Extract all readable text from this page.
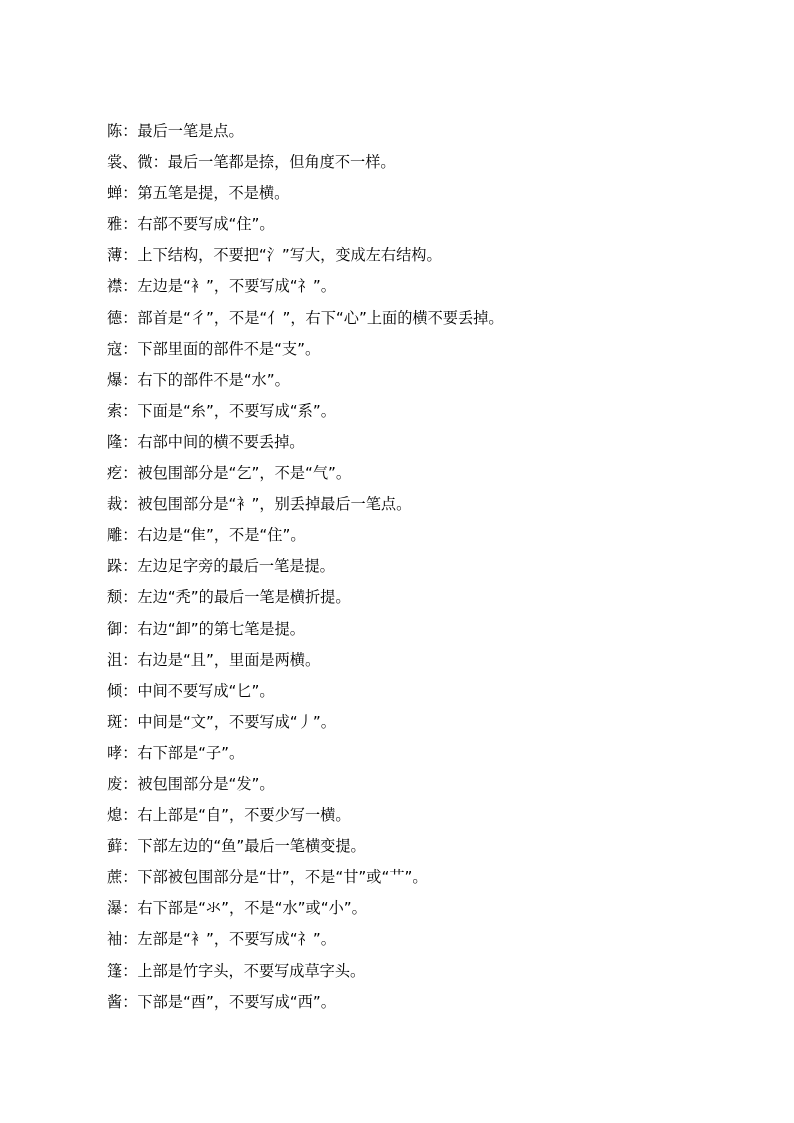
陈：最后一笔是点。
裳、微：最后一笔都是捺，但角度不一样。
蝉：第五笔是提，不是横。
雅：右部不要写成“住”。
薄：上下结构，不要把“氵”写大，变成左右结构。
襟：左边是“衤”，不要写成“礻”。
德：部首是“彳”，不是“亻”，右下“心”上面的横不要丢掉。
寇：下部里面的部件不是“支”。
爆：右下的部件不是“水”。
索：下面是“糸”，不要写成“系”。
隆：右部中间的横不要丢掉。
疙：被包围部分是“乞”，不是“气”。
裁：被包围部分是“衤”，别丢掉最后一笔点。
雕：右边是“隹”，不是“住”。
跺：左边足字旁的最后一笔是提。
颓：左边“秃”的最后一笔是横折提。
御：右边“卸”的第七笔是提。
沮：右边是“且”，里面是两横。
倾：中间不要写成“匕”。
斑：中间是“文”，不要写成“丿”。
哮：右下部是“子”。
废：被包围部分是“发”。
熄：右上部是“自”，不要少写一横。
藓：下部左边的“鱼”最后一笔横变提。
蔗：下部被包围部分是“廿”，不是“甘”或“艹”。
瀑：右下部是“氺”，不是“水”或“小”。
袖：左部是“衤”，不要写成“礻”。
篷：上部是竹字头，不要写成草字头。
酱：下部是“酉”，不要写成“西”。
